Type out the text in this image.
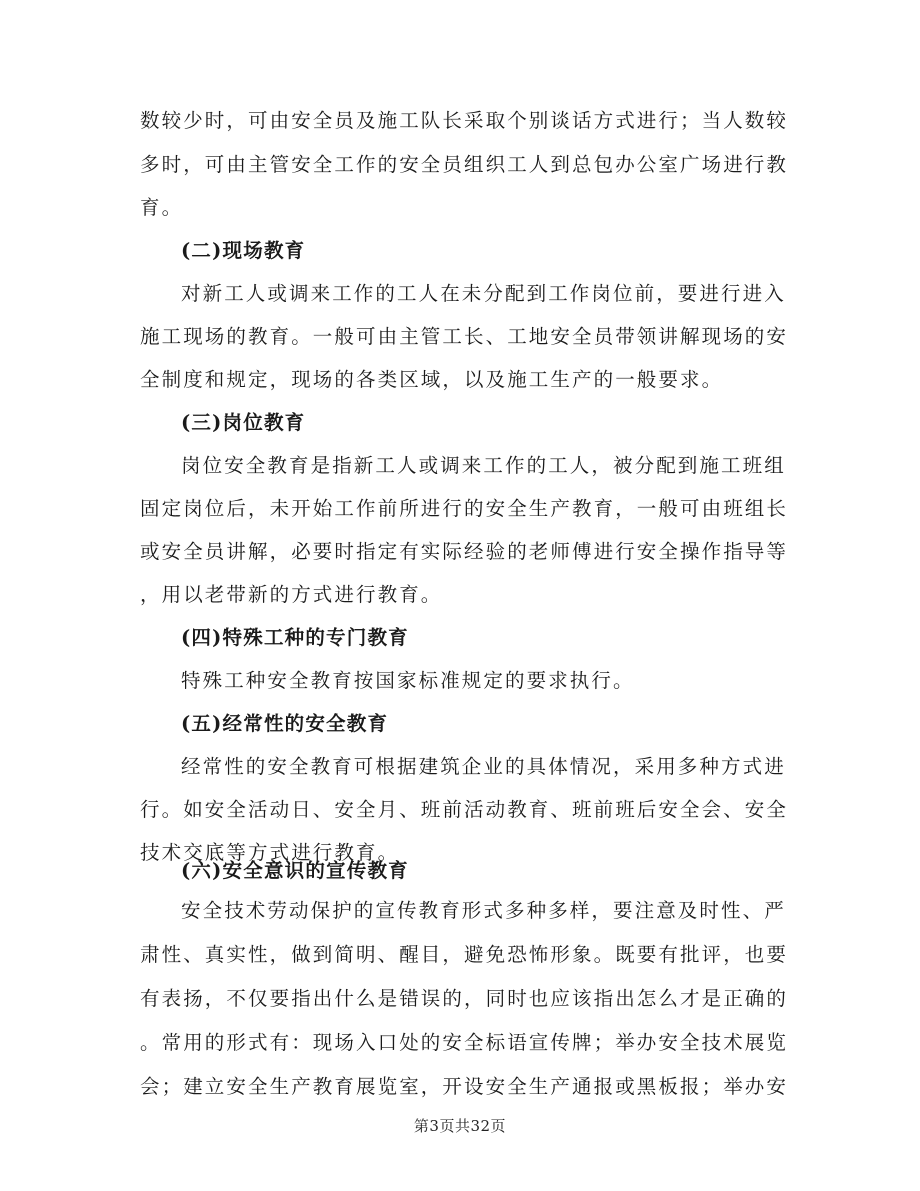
数较少时，可由安全员及施工队长采取个别谈话方式进行；当人数较
多时，可由主管安全工作的安全员组织工人到总包办公室广场进行教
育。
(二)现场教育
对新工人或调来工作的工人在未分配到工作岗位前，要进行进入
施工现场的教育。一般可由主管工长、工地安全员带领讲解现场的安
全制度和规定，现场的各类区域，以及施工生产的一般要求。
(三)岗位教育
岗位安全教育是指新工人或调来工作的工人，被分配到施工班组
固定岗位后，未开始工作前所进行的安全生产教育，一般可由班组长
或安全员讲解，必要时指定有实际经验的老师傅进行安全操作指导等
，用以老带新的方式进行教育。
(四)特殊工种的专门教育
特殊工种安全教育按国家标准规定的要求执行。
(五)经常性的安全教育
经常性的安全教育可根据建筑企业的具体情况，采用多种方式进
行。如安全活动日、安全月、班前活动教育、班前班后安全会、安全
技术交底等方式进行教育。
(六)安全意识的宣传教育
安全技术劳动保护的宣传教育形式多种多样，要注意及时性、严
肃性、真实性，做到简明、醒目，避免恐怖形象。既要有批评，也要
有表扬，不仅要指出什么是错误的，同时也应该指出怎么才是正确的
。常用的形式有：现场入口处的安全标语宣传牌；举办安全技术展览
第3页共32页
会；建立安全生产教育展览室，开设安全生产通报或黑板报；举办安
